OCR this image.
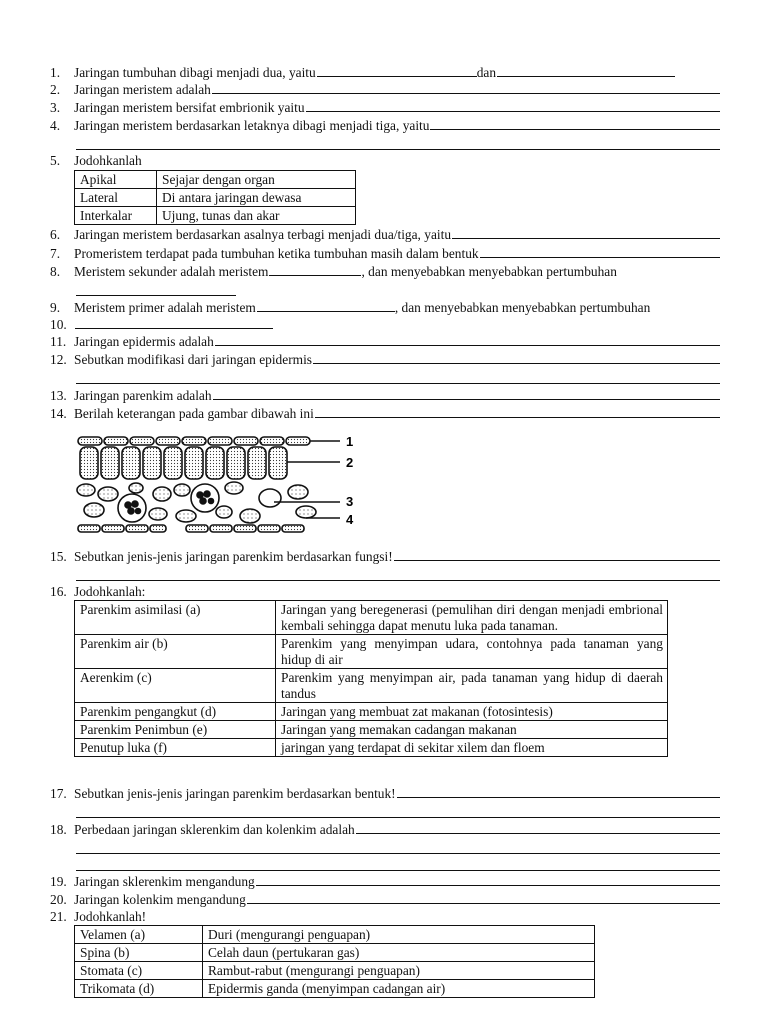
1.	Jaringan tumbuhan dibagi menjadi dua, yaitu	dan
2.	Jaringan meristem adalah
3.	Jaringan meristem bersifat embrionik yaitu
4.	Jaringan meristem berdasarkan letaknya dibagi menjadi tiga, yaitu
5.	Jodohkanlah
Apikal	Sejajar dengan organ
Lateral	Di antara jaringan dewasa
Interkalar	Ujung, tunas dan akar
6.	Jaringan meristem berdasarkan asalnya terbagi menjadi dua/tiga, yaitu
7.	Promeristem terdapat pada tumbuhan ketika tumbuhan masih dalam bentuk
8.	Meristem sekunder adalah meristem	, dan menyebabkan menyebabkan pertumbuhan
9.	Meristem primer adalah meristem	, dan menyebabkan menyebabkan pertumbuhan
10.
11. Jaringan epidermis adalah
12. Sebutkan modifikasi dari jaringan epidermis
13. Jaringan parenkim adalah
14. Berilah keterangan pada gambar dibawah ini
1
2
3
4
15. Sebutkan jenis-jenis jaringan parenkim berdasarkan fungsi!
16. Jodohkanlah:
Parenkim asimilasi (a)	Jaringan yang beregenerasi (pemulihan diri dengan menjadi embrional kembali sehingga dapat menutu luka pada tanaman.
Parenkim air (b)	Parenkim yang menyimpan udara, contohnya pada tanaman yang hidup di air
Aerenkim (c)	Parenkim yang menyimpan air, pada tanaman yang hidup di daerah tandus
Parenkim pengangkut (d)	Jaringan yang membuat zat makanan (fotosintesis)
Parenkim Penimbun (e)	Jaringan yang memakan cadangan makanan
Penutup luka (f)	jaringan yang terdapat di sekitar xilem dan floem
17. Sebutkan jenis-jenis jaringan parenkim berdasarkan bentuk!
18. Perbedaan jaringan sklerenkim dan kolenkim adalah
19. Jaringan sklerenkim mengandung
20. Jaringan kolenkim mengandung
21. Jodohkanlah!
Velamen (a)	Duri (mengurangi penguapan)
Spina (b)	Celah daun (pertukaran gas)
Stomata (c)	Rambut-rabut (mengurangi penguapan)
Trikomata (d)	Epidermis ganda (menyimpan cadangan air)
